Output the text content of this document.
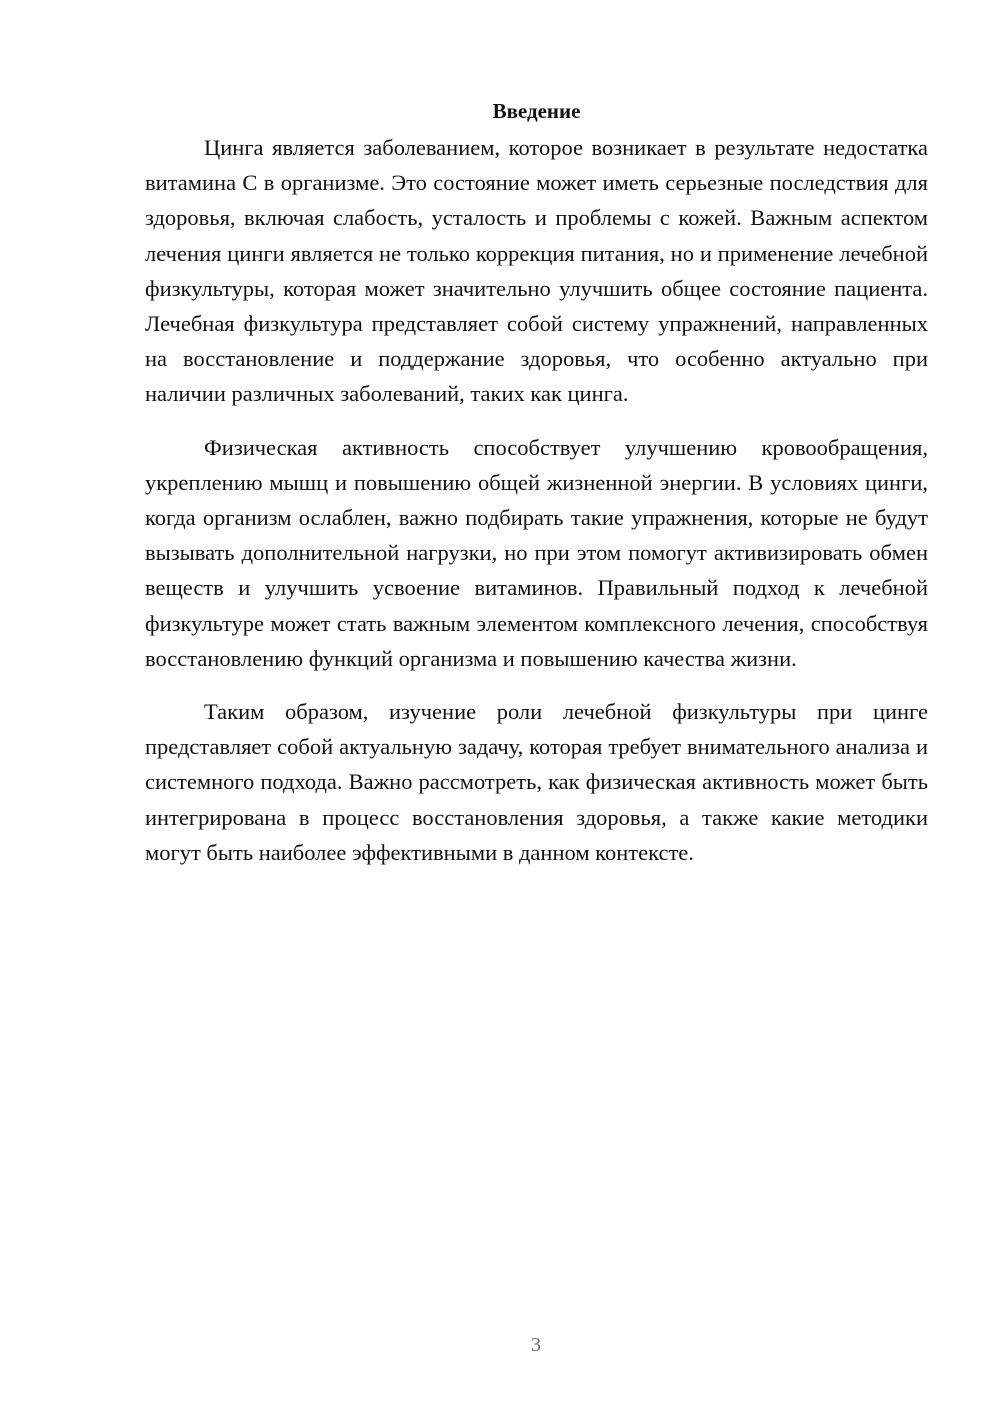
Введение

Цинга является заболеванием, которое возникает в результате недостатка витамина С в организме. Это состояние может иметь серьезные последствия для здоровья, включая слабость, усталость и проблемы с кожей. Важным аспектом лечения цинги является не только коррекция питания, но и применение лечебной физкультуры, которая может значительно улучшить общее состояние пациента. Лечебная физкультура представляет собой систему упражнений, направленных на восстановление и поддержание здоровья, что особенно актуально при наличии различных заболеваний, таких как цинга.

Физическая активность способствует улучшению кровообращения, укреплению мышц и повышению общей жизненной энергии. В условиях цинги, когда организм ослаблен, важно подбирать такие упражнения, которые не будут вызывать дополнительной нагрузки, но при этом помогут активизировать обмен веществ и улучшить усвоение витаминов. Правильный подход к лечебной физкультуре может стать важным элементом комплексного лечения, способствуя восстановлению функций организма и повышению качества жизни.

Таким образом, изучение роли лечебной физкультуры при цинге представляет собой актуальную задачу, которая требует внимательного анализа и системного подхода. Важно рассмотреть, как физическая активность может быть интегрирована в процесс восстановления здоровья, а также какие методики могут быть наиболее эффективными в данном контексте.

3
